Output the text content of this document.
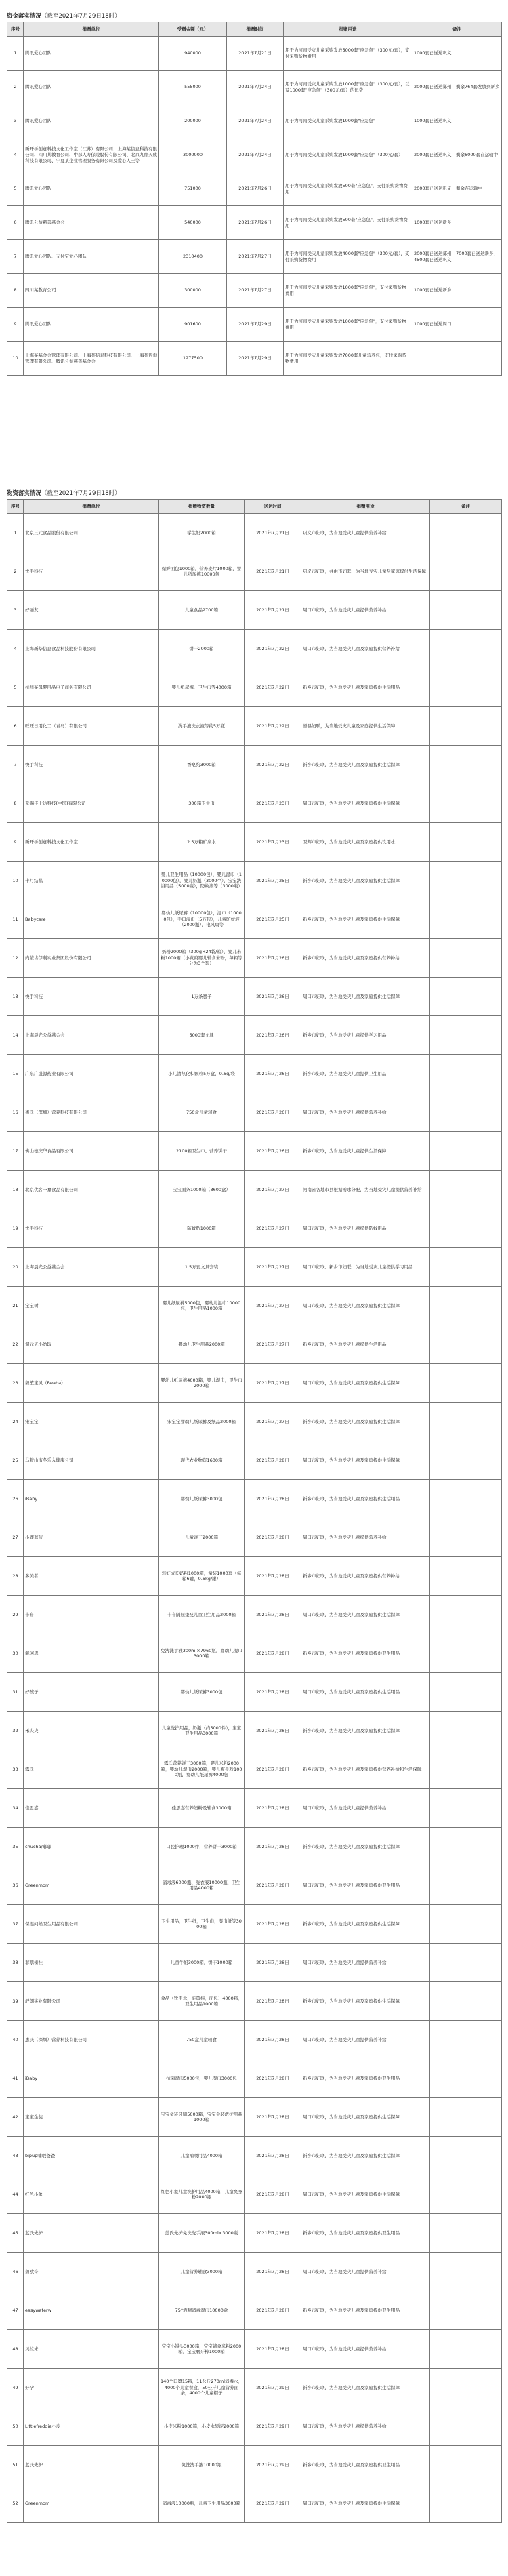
资金落实情况（截至2021年7月29日18时）
序号	捐赠单位	受赠金额（元）	捐赠时间	捐赠用途	备注
1	腾讯爱心团队	940000	2021年7月21日	用于为河南受灾儿童采购发放5000套"应急包"（300元/套），支付采购货物费用	1000套已送达巩义
2	腾讯爱心团队	555000	2021年7月24日	用于为河南受灾儿童采购发放1000套"应急包"（300元/套），以及1000套"应急包"（300元/套）的运费	2000套已送达郑州，剩余764套发放到新乡
3	腾讯爱心团队	200000	2021年7月24日	用于为河南受灾儿童采购发放1000套"应急包"	1000套已送达巩义
4	新开桥创意科技文化工作室（江苏）有限公司、上海某信息科技有限公司、四川某教育公司、中部人寿保险股份有限公司、北京九鼎天成科技有限公司、宁夏某企业管理服务有限公司及爱心人士等	3000000	2021年7月24日	用于为河南受灾儿童采购发放1000套"应急包"（300元/套）	2000套已送达巩义，剩余6000套在运输中
5	腾讯爱心团队	751000	2021年7月26日	用于为河南受灾儿童采购发放500套"应急包"，支付采购货物费用	2000套已送达巩义，剩余在运输中
6	腾讯公益慈善基金会	540000	2021年7月26日	用于为河南受灾儿童采购发放500套"应急包"，支付采购货物费用	1000套已送达新乡
7	腾讯爱心团队、支付宝爱心团队	2310400	2021年7月27日	用于为河南受灾儿童采购发放4000套"应急包"（300元/套），支付采购货物费用	2000套已送达郑州，7000套已送达新乡，4500套已送达巩义
8	四川某教育公司	300000	2021年7月27日	用于为河南受灾儿童采购发放1000套"应急包"，支付采购货物费用	1000套已送达新乡
9	腾讯爱心团队	901600	2021年7月29日	用于为河南受灾儿童采购发放1000套"应急包"，支付采购货物费用	1000套已送达周口
10	上海某基金会管理有限公司、上海某信息科技有限公司、上海某咨询管理有限公司、腾讯公益慈善基金会	1277500	2021年7月29日	用于为河南受灾儿童采购发放7000套儿童营养包，支付采购货物费用	
物资落实情况（截至2021年7月29日18时）
序号	捐赠单位	捐赠物资数量	送达时间	捐赠用途	备注
1	北京三元食品股份有限公司	学生奶2000箱	2021年7月21日	巩义市妇联，为当地受灾儿童提供营养补给	
2	快手科技	保鲜面包1000箱，营养麦片1000箱，婴儿纸尿裤10000包	2021年7月21日	巩义市妇联，并由市妇联、为当地受灾儿童及家庭提供生活保障	
3	好丽友	儿童食品2700箱	2021年7月21日	周口市妇联，为当地受灾儿童提供营养补给	
4	上海新华信息食品科技股份有限公司	饼干2000箱	2021年7月22日	周口市妇联，为当地受灾儿童及家庭提供营养补给	
5	杭州某母婴用品电子商务有限公司	婴儿纸尿裤、卫生巾等4000箱	2021年7月22日	新乡市妇联，为当地受灾儿童及家庭提供生活用品	
6	旺旺日用化工（青岛）有限公司	洗手液洗衣液等约5万瓶	2021年7月22日	滑县妇联，为当地受灾儿童及家庭提供生活保障	
7	快手科技	香皂约3000箱	2021年7月22日	新乡市妇联，为当地受灾儿童及家庭提供生活保障	
8	无锡佳士达科技(中国)有限公司	300箱卫生巾	2021年7月23日	周口市妇联，为当地受灾儿童及家庭提供生活保障	
9	新开桥创意科技文化工作室	2.5万箱矿泉水	2021年7月23日	卫辉市妇联，为当地受灾儿童及家庭提供饮用水	
10	十月结晶	婴儿卫生用品（10000包），婴儿湿巾（10000包），婴儿奶瓶（3000个），宝宝洗浴用品（5000瓶），防蚊液等（3000瓶）	2021年7月25日	新乡市妇联，为当地受灾儿童及家庭提供生活保障	
11	Babycare	婴幼儿纸尿裤（10000包），湿巾（10000包），手口湿巾（5万包），儿童防蚊液（2000瓶），电风扇等	2021年7月25日	新乡市妇联，为当地受灾儿童及家庭提供生活保障	
12	内蒙古伊利实业集团股份有限公司	奶粉2000箱（300g×24袋/箱），婴儿米粉1000箱（小黄鸭婴儿辅食米粉，每箱等分为3个装）	2021年7月26日	新乡市妇联，为当地受灾儿童及家庭提供营养补给	
13	快手科技	1万条毯子	2021年7月26日	周口市妇联，为当地受灾儿童及家庭提供生活保障	
14	上海晨光公益基金会	5000套文具	2021年7月26日	新乡市妇联，为当地受灾儿童提供学习用品	
15	广东广盛源药业有限公司	小儿清热化积颗粒5万盒，0.6g/袋	2021年7月26日	新乡市妇联，为当地受灾儿童提供卫生用品	
16	惠氏（深圳）营养科技有限公司	750盒儿童辅食	2021年7月26日	周口市妇联，为当地受灾儿童提供营养补给	
17	佛山德庆华食品有限公司	2100箱卫生巾、营养饼干	2021年7月26日	新乡市妇联，为当地受灾儿童提供生活保障	
18	北京优客一嘉食品有限公司	宝宝面条1000箱（3600盒）	2021年7月27日	河南省各地市县根据需求分配，为当地受灾儿童提供营养补给	
19	快手科技	防蚊贴1000箱	2021年7月27日	周口市妇联，为当地受灾儿童提供防蚊用品	
20	上海晨光公益基金会	1.5万套文具套装	2021年7月27日	周口市妇联、新乡市妇联，为当地受灾儿童提供学习用品	
21	宝宝树	婴儿纸尿裤5000包，婴幼儿湿巾10000包，卫生用品1000箱	2021年7月27日	周口市妇联，为当地受灾儿童及家庭提供生活保障	
22	调元天小幼取	婴幼儿卫生用品2000箱	2021年7月27日	新乡市妇联，为当地受灾儿童提供生活用品	
23	碧笙宝贝（Beaba）	婴幼儿纸尿裤4000箱，婴儿湿巾，卫生巾2000箱	2021年7月27日	周口市妇联，为当地受灾儿童及家庭提供生活保障	
24	宋宝宝	宋宝宝婴幼儿纸尿裤及纸品2000箱	2021年7月27日	新乡市妇联，为当地受灾儿童及家庭提供生活保障	
25	马鞍山市冬乐入健康公司	现代农业物资1600箱	2021年7月28日	周口市妇联，为当地受灾儿童及家庭提供生活保障	
26	iBaby	婴幼儿纸尿裤3000包	2021年7月28日	新乡市妇联，为当地受灾儿童及家庭提供生活用品	
27	小鹿蓝蓝	儿童饼干2000箱	2021年7月28日	周口市妇联，为当地受灾儿童提供营养补给	
28	多美者	彩虹成长奶粉1000箱，童装1000套（每箱6罐，0.6kg/罐）	2021年7月28日	新乡市妇联，为当地受灾儿童及家庭提供营养补给	
29	卡布	卡布隔尿垫及儿童卫生用品2000箱	2021年7月28日	周口市妇联，为当地受灾儿童及家庭提供生活保障	
30	戴珂思	免洗洗手液300ml×7960瓶，婴幼儿湿巾3000箱	2021年7月28日	新乡市妇联，为当地受灾儿童及家庭提供卫生用品	
31	好孩子	婴幼儿纸尿裤3000包	2021年7月28日	周口市妇联，为当地受灾儿童及家庭提供生活用品	
32	禾央央	儿童洗护用品，奶瓶（约5000件），宝宝卫生用品3000箱	2021年7月28日	新乡市妇联，为当地受灾儿童及家庭提供生活保障	
33	露氏	露氏营养饼干3000箱，婴儿米粉2000箱，婴幼儿湿巾2000箱，婴儿爽身粉1000瓶，婴幼儿纸尿裤4000包	2021年7月28日	新乡市妇联，为当地受灾儿童及家庭提供营养补给和生活保障	
34	佳思嘉	佳思嘉营养奶粉及辅食3000箱	2021年7月28日	周口市妇联，为当地受灾儿童提供营养补给	
35	chucha/嘟嘟	口腔护理1000件，营养饼干3000箱	2021年7月28日	新乡市妇联，为当地受灾儿童及家庭提供生活保障	
36	Greenmom	消毒液6000瓶、洗衣液10000瓶，卫生用品4000箱	2021年7月28日	周口市妇联，为当地受灾儿童及家庭提供卫生用品	
37	保湿问候卫生用品有限公司	卫生用品，卫生纸，卫生巾，湿巾纸等3000箱	2021年7月28日	新乡市妇联，为当地受灾儿童及家庭提供生活保障	
38	菲鹅榛社	儿童牛奶3000箱，饼干1000箱	2021年7月28日	周口市妇联，为当地受灾儿童提供营养补给	
39	舒朗实业有限公司	食品（饮用水，能量棒，面包）4000箱，卫生用品1000箱	2021年7月28日	新乡市妇联，为当地受灾儿童及家庭提供生活保障	
40	惠氏（深圳）营养科技有限公司	750盒儿童辅食	2021年7月28日	周口市妇联，为当地受灾儿童提供营养补给	
41	iBaby	抗菌湿巾5000包，婴儿湿巾3000包	2021年7月28日	新乡市妇联，为当地受灾儿童及家庭提供卫生用品	
42	宝宝金装	宝宝金装牙刷5000箱，宝宝金装洗护用品1000箱	2021年7月28日	周口市妇联，为当地受灾儿童及家庭提供生活保障	
43	bipup哺喂爸爸	儿童哺喂用品4000箱	2021年7月28日	新乡市妇联，为当地受灾儿童及家庭提供生活保障	
44	红色小象	红色小象儿童洗护用品4000箱，儿童爽身粉2000瓶	2021年7月28日	周口市妇联，为当地受灾儿童及家庭提供生活保障	
45	蓝氏先护	蓝氏先护免洗洗手液300ml×3000瓶	2021年7月28日	新乡市妇联，为当地受灾儿童及家庭提供卫生用品	
46	碧欧奇	儿童营养辅食3000箱	2021年7月28日	周口市妇联，为当地受灾儿童提供营养补给	
47	easywaterw	75°酒精消毒湿巾10000盒	2021年7月28日	新乡市妇联，为当地受灾儿童及家庭提供卫生用品	
48	贝拉米	宝宝小馒头3000箱，宝宝辅食米粉2000箱，宝宝磨牙棒1000箱	2021年7月28日	周口市妇联，为当地受灾儿童提供营养补给	
49	好孕	140个口罩15箱，11公斤270ml消毒水，4000个儿童餐盒，50公斤儿童营养面条，4000个儿童帽子	2021年7月29日	新乡市妇联，为当地受灾儿童及家庭提供生活保障	
50	Littlefreddie小皮	小皮米粉1000箱，小皮水果泥2000箱	2021年7月29日	周口市妇联，为当地受灾儿童提供营养补给	
51	蓝氏先护	免洗洗手液10000瓶	2021年7月29日	新乡市妇联，为当地受灾儿童及家庭提供卫生用品	
52	Greenmom	消毒液10000瓶，儿童卫生用品3000箱	2021年7月29日	周口市妇联，为当地受灾儿童及家庭提供生活保障	
